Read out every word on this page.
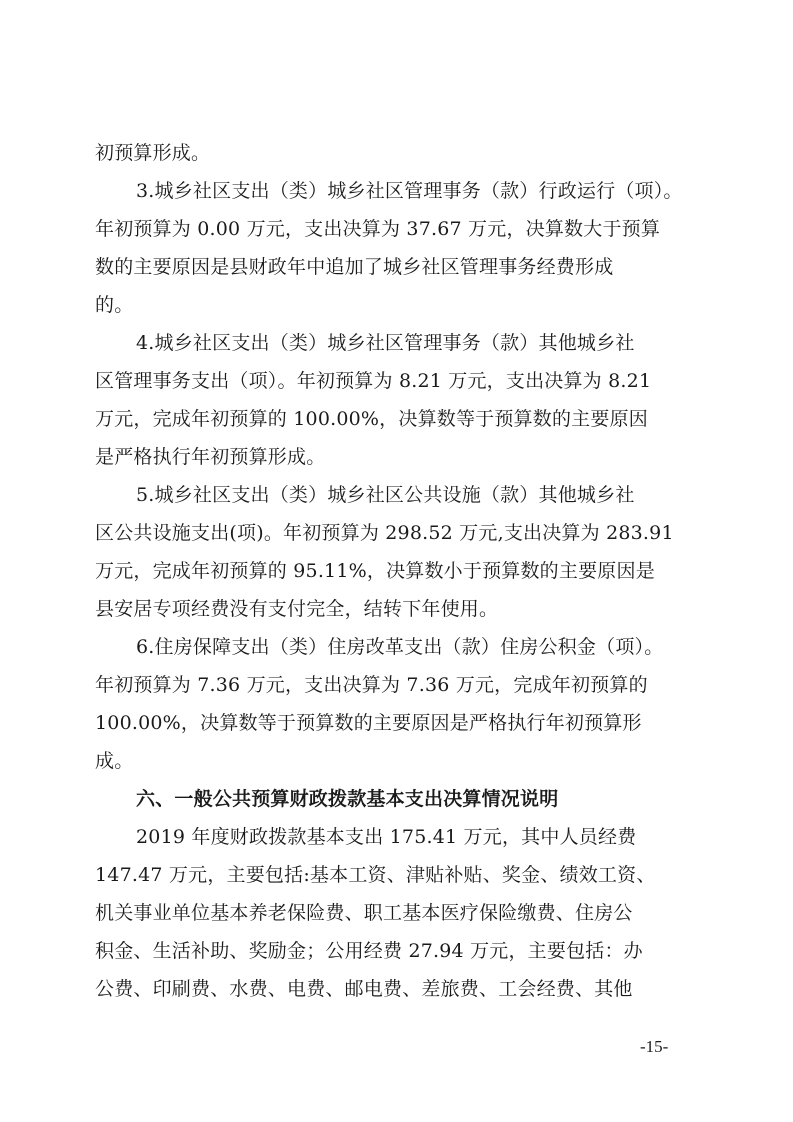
初预算形成。
3.城乡社区支出（类）城乡社区管理事务（款）行政运行（项）。
年初预算为 0.00 万元，支出决算为 37.67 万元，决算数大于预算
数的主要原因是县财政年中追加了城乡社区管理事务经费形成
的。
4.城乡社区支出（类）城乡社区管理事务（款）其他城乡社
区管理事务支出（项）。年初预算为 8.21 万元，支出决算为 8.21
万元，完成年初预算的 100.00%，决算数等于预算数的主要原因
是严格执行年初预算形成。
5.城乡社区支出（类）城乡社区公共设施（款）其他城乡社
区公共设施支出(项)。年初预算为 298.52 万元,支出决算为 283.91
万元，完成年初预算的 95.11%，决算数小于预算数的主要原因是
县安居专项经费没有支付完全，结转下年使用。
6.住房保障支出（类）住房改革支出（款）住房公积金（项）。
年初预算为 7.36 万元，支出决算为 7.36 万元，完成年初预算的
100.00%，决算数等于预算数的主要原因是严格执行年初预算形
成。
六、一般公共预算财政拨款基本支出决算情况说明
2019 年度财政拨款基本支出 175.41 万元，其中人员经费
147.47 万元，主要包括:基本工资、津贴补贴、奖金、绩效工资、
机关事业单位基本养老保险费、职工基本医疗保险缴费、住房公
积金、生活补助、奖励金；公用经费 27.94 万元，主要包括：办
公费、印刷费、水费、电费、邮电费、差旅费、工会经费、其他
-15-
